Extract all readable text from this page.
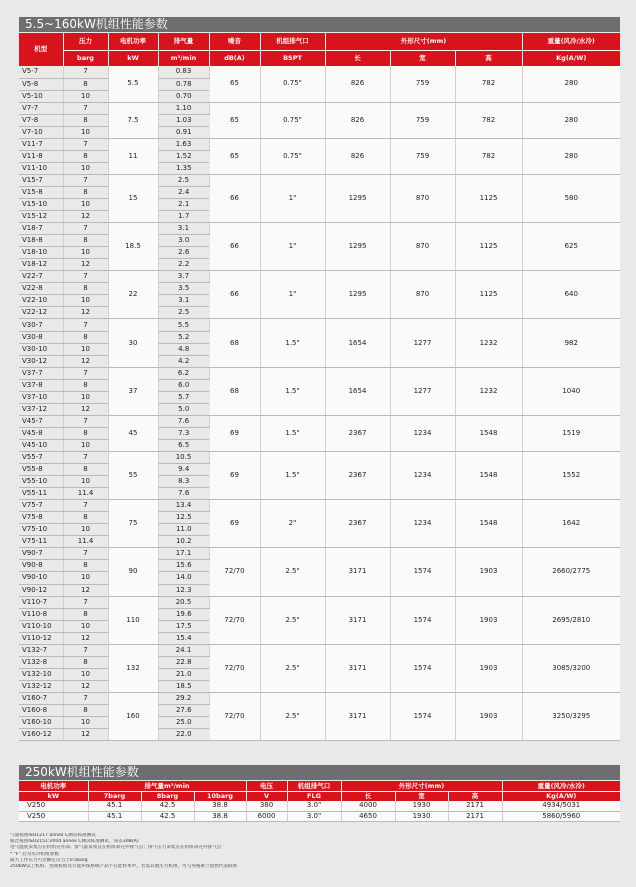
5.5~160kW机组性能参数
机型	压力	电机功率	排气量	噪音	机组排气口	外形尺寸(mm)			重量(风冷/水冷)
	barg	kW	m³/min	dB(A)	BSPT	长	宽	高	Kg(A/W)
V5-7	7	5.5	0.83	65	0.75"	826	759	782	280
V5-8	8		0.78						
V5-10	10		0.70						
V7-7	7	7.5	1.10	65	0.75"	826	759	782	280
V7-8	8		1.03						
V7-10	10		0.91						
V11-7	7	11	1.63	65	0.75"	826	759	782	280
V11-8	8		1.52						
V11-10	10		1.35						
V15-7	7	15	2.5	66	1"	1295	870	1125	580
V15-8	8		2.4						
V15-10	10		2.1						
V15-12	12		1.7						
V18-7	7	18.5	3.1	66	1"	1295	870	1125	625
V18-8	8		3.0						
V18-10	10		2.6						
V18-12	12		2.2						
V22-7	7	22	3.7	66	1"	1295	870	1125	640
V22-8	8		3.5						
V22-10	10		3.1						
V22-12	12		2.5						
V30-7	7	30	5.5	68	1.5"	1654	1277	1232	982
V30-8	8		5.2						
V30-10	10		4.8						
V30-12	12		4.2						
V37-7	7	37	6.2	68	1.5"	1654	1277	1232	1040
V37-8	8		6.0						
V37-10	10		5.7						
V37-12	12		5.0						
V45-7	7	45	7.6	69	1.5"	2367	1234	1548	1519
V45-8	8		7.3						
V45-10	10		6.5						
V55-7	7	55	10.5	69	1.5"	2367	1234	1548	1552
V55-8	8		9.4						
V55-10	10		8.3						
V55-11	11.4		7.6						
V75-7	7	75	13.4	69	2"	2367	1234	1548	1642
V75-8	8		12.5						
V75-10	10		11.0						
V75-11	11.4		10.2						
V90-7	7	90	17.1	72/70	2.5"	3171	1574	1903	2660/2775
V90-8	8		15.6						
V90-10	10		14.0						
V90-12	12		12.3						
V110-7	7	110	20.5	72/70	2.5"	3171	1574	1903	2695/2810
V110-8	8		19.6						
V110-10	10		17.5						
V110-12	12		15.4						
V132-7	7	132	24.1	72/70	2.5"	3171	1574	1903	3085/3200
V132-8	8		22.8						
V132-10	10		21.0						
V132-12	12		18.5						
V160-7	7	160	29.2	72/70	2.5"	3171	1574	1903	3250/3295
V160-8	8		27.6						
V160-10	10		25.0						
V160-12	12		22.0						
250kW机组性能参数
电机功率	排气量m³/min			电压	机组排气口	外形尺寸(mm)			重量(风冷/水冷)
kW	7barg	8barg	10barg	V	FLG	长	宽	高	Kg(A/W)
V250	45.1	42.5	38.8	380	3.0"	4000	1930	2171	4934/5031
V250	45.1	42.5	38.8	6000	3.0"	4650	1930	2171	5860/5960
气量按照ISO1217 annex C测试标准测试
噪音按照ISO2151:2004 annex C测试标准测试，误差3dB(A)
进气温度采集点在机组壳外部；排气量采集点在机组罩壳外排气点；排气压力采集点在机组罩壳外排气点
* "F" 后为水冷机组参数
最大工作压力可达额定压力上0.5barg
250kW以上机组、变频机组及节能环保系统产品不在此样本中，若需其他压力机组，可与英格索兰销售代表联系
